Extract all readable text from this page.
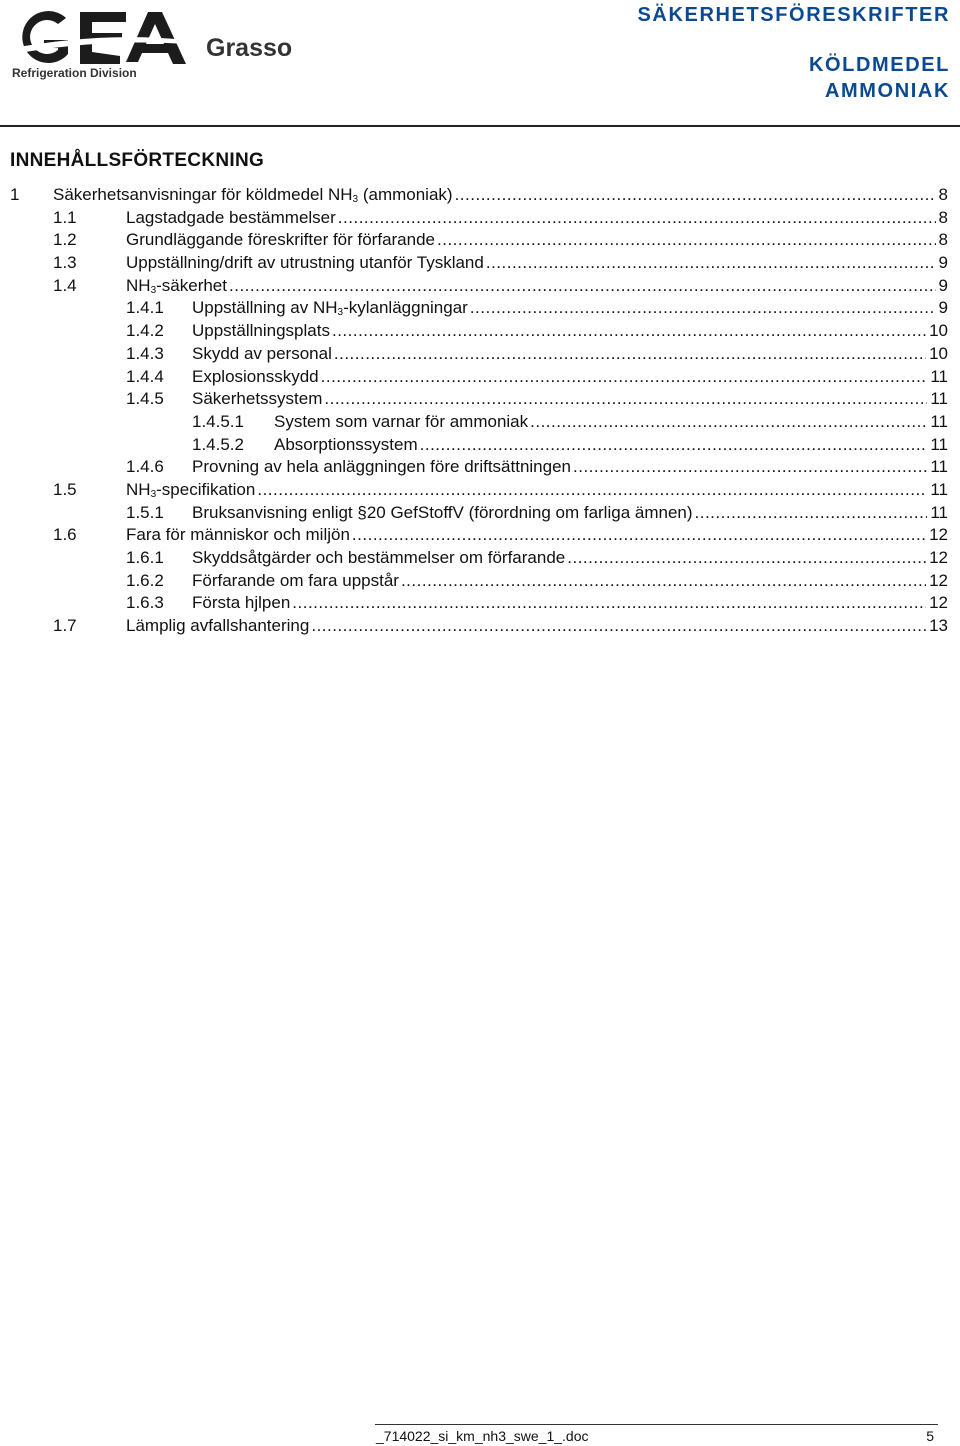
Grasso
Refrigeration Division
SÄKERHETSFÖRESKRIFTER
KÖLDMEDEL
AMMONIAK
INNEHÅLLSFÖRTECKNING
1 Säkerhetsanvisningar för köldmedel $NH_3$ (ammoniak) .....	8
1.1	Lagstadgade bestämmelser .....	8
1.2	Grundläggande föreskrifter för förfarande .....	8
1.3	Uppställning/drift av utrustning utanför Tyskland .....	9
1.4	$NH_3$-säkerhet .....	9
1.4.1 Uppställning av $NH_3$-kylanläggningar .....	9
1.4.2 Uppställningsplats .....	10
1.4.3 Skydd av personal .....	10
1.4.4 Explosionsskydd .....	11
1.4.5 Säkerhetssystem .....	11
1.4.5.1 System som varnar för ammoniak .....	11
1.4.5.2 Absorptionssystem .....	11
1.4.6 Provning av hela anläggningen före driftsättningen .....	11
1.5	$NH_3$-specifikation .....	11
1.5.1 Bruksanvisning enligt §20 GefStoffV (förordning om farliga ämnen) .....	11
1.6	Fara för människor och miljön .....	12
1.6.1 Skyddsåtgärder och bestämmelser om förfarande .....	12
1.6.2 Förfarande om fara uppstår .....	12
1.6.3 Första hjlpen .....	12
1.7	Lämplig avfallshantering .....	13
_714022_si_km_nh3_swe_1_.doc	5
